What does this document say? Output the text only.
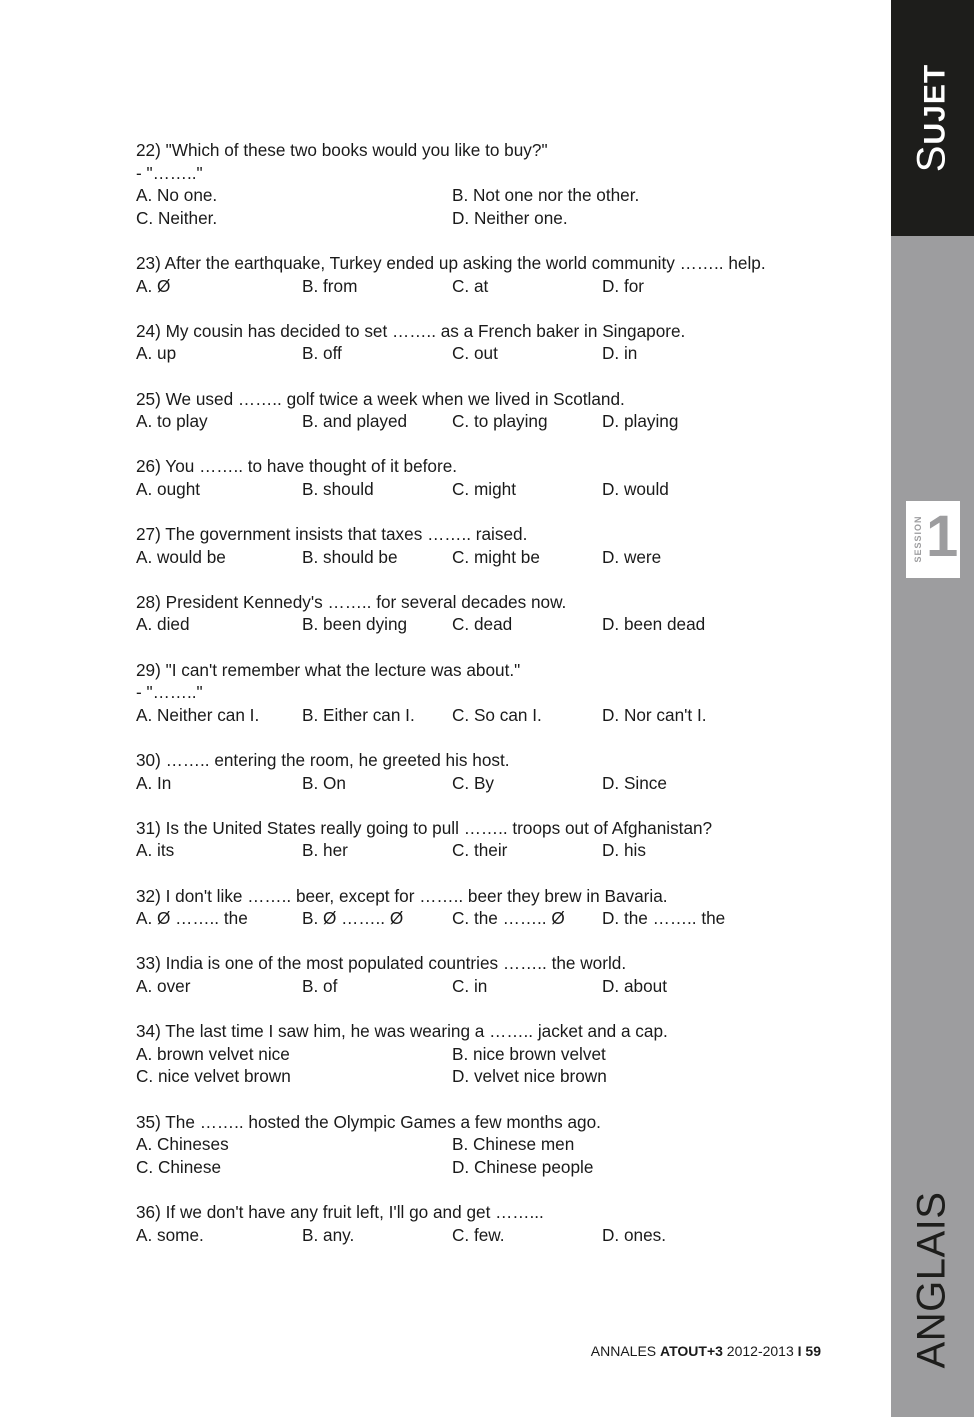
22) "Which of these two books would you like to buy?"
- "…….."
A. No one.	B. Not one nor the other.
C. Neither.	D. Neither one.
23) After the earthquake, Turkey ended up asking the world community …….. help.
A. Ø	B. from	C. at	D. for
24) My cousin has decided to set …….. as a French baker in Singapore.
A. up	B. off	C. out	D. in
25) We used …….. golf twice a week when we lived in Scotland.
A. to play	B. and played	C. to playing	D. playing
26) You …….. to have thought of it before.
A. ought	B. should	C. might	D. would
27) The government insists that taxes …….. raised.
A. would be	B. should be	C. might be	D. were
28) President Kennedy's …….. for several decades now.
A. died	B. been dying	C. dead	D. been dead
29) "I can't remember what the lecture was about."
- "…….."
A. Neither can I. B. Either can I. C. So can I.	D. Nor can't I.
30) …….. entering the room, he greeted his host.
A. In	B. On	C. By	D. Since
31) Is the United States really going to pull …….. troops out of Afghanistan?
A. its	B. her	C. their	D. his
32) I don't like …….. beer, except for …….. beer they brew in Bavaria.
A. Ø …….. the	B. Ø …….. Ø	C. the …….. Ø D. the …….. the
33) India is one of the most populated countries …….. the world.
A. over	B. of	C. in	D. about
34) The last time I saw him, he was wearing a …….. jacket and a cap.
A. brown velvet nice	B. nice brown velvet
C. nice velvet brown	D. velvet nice brown
35) The …….. hosted the Olympic Games a few months ago.
A. Chineses	B. Chinese men
C. Chinese	D. Chinese people
36) If we don't have any fruit left, I'll go and get ……...
A. some.	B. any.	C. few.	D. ones.
SUJET
ANGLAIS
SESSION 1
ANNALES ATOUT+3 2012-2013 I 59
